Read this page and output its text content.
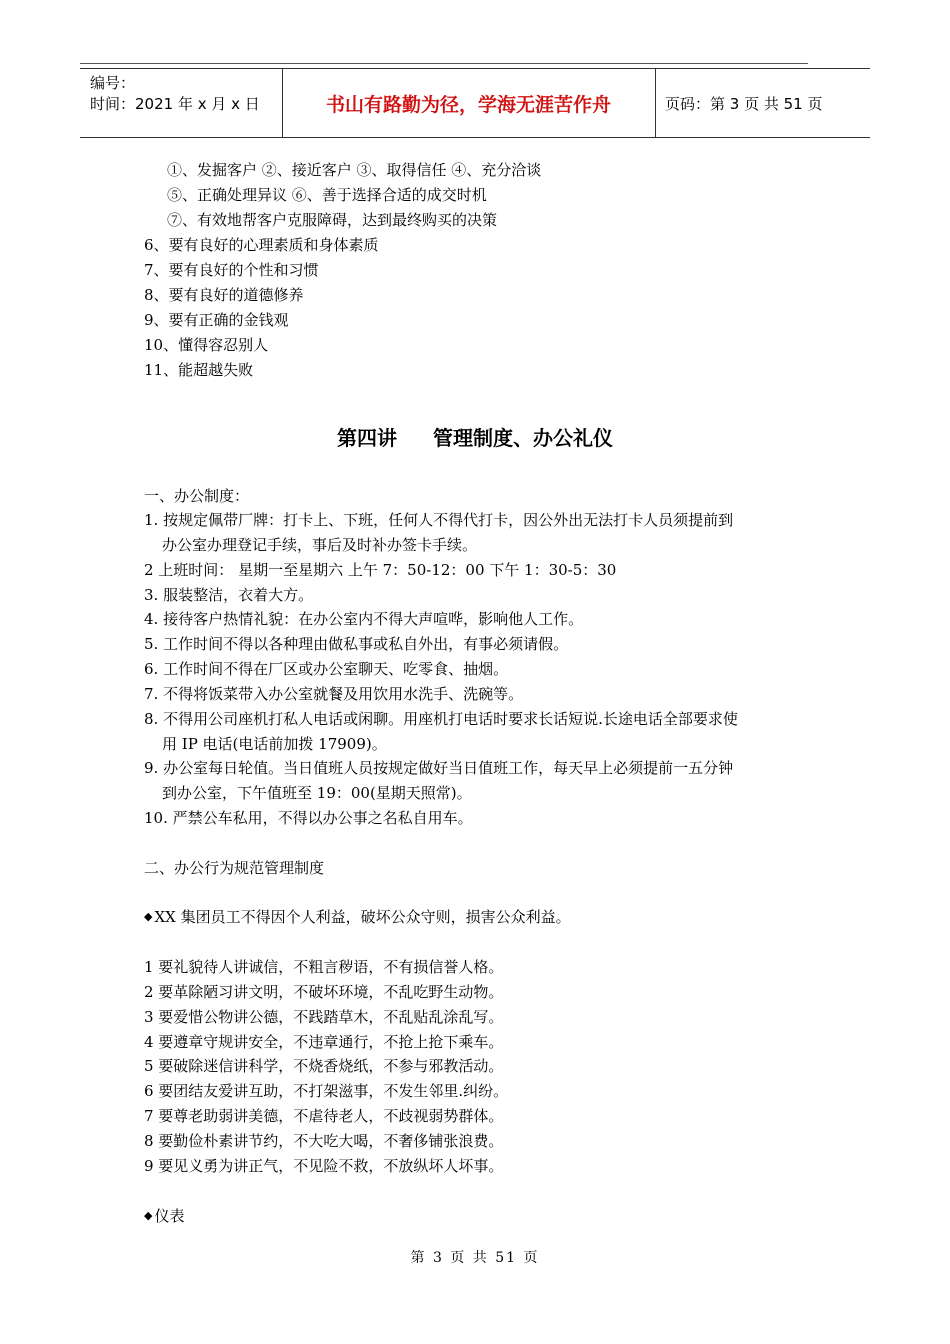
编号：
时间：2021 年 x 月 x 日	书山有路勤为径，学海无涯苦作舟	页码：第 3 页 共 51 页
①、发掘客户 ②、接近客户 ③、取得信任 ④、充分洽谈
⑤、正确处理异议 ⑥、善于选择合适的成交时机
⑦、有效地帮客户克服障碍，达到最终购买的决策
6、要有良好的心理素质和身体素质
7、要有良好的个性和习惯
8、要有良好的道德修养
9、要有正确的金钱观
10、懂得容忍别人
11、能超越失败
第四讲 管理制度、办公礼仪
一、办公制度：
1. 按规定佩带厂牌：打卡上、下班，任何人不得代打卡，因公外出无法打卡人员须提前到
办公室办理登记手续，事后及时补办签卡手续。
2 上班时间： 星期一至星期六 上午 7：50-12：00 下午 1：30-5：30
3. 服装整洁，衣着大方。
4. 接待客户热情礼貌：在办公室内不得大声喧哗，影响他人工作。
5. 工作时间不得以各种理由做私事或私自外出，有事必须请假。
6. 工作时间不得在厂区或办公室聊天、吃零食、抽烟。
7. 不得将饭菜带入办公室就餐及用饮用水洗手、洗碗等。
8. 不得用公司座机打私人电话或闲聊。用座机打电话时要求长话短说.长途电话全部要求使
用 IP 电话(电话前加拨 17909)。
9. 办公室每日轮值。当日值班人员按规定做好当日值班工作，每天早上必须提前一五分钟
到办公室，下午值班至 19：00(星期天照常)。
10. 严禁公车私用，不得以办公事之名私自用车。
二、办公行为规范管理制度
◆ XX 集团员工不得因个人利益，破坏公众守则，损害公众利益。
1 要礼貌待人讲诚信，不粗言秽语，不有损信誉人格。
2 要革除陋习讲文明，不破坏环境，不乱吃野生动物。
3 要爱惜公物讲公德，不践踏草木，不乱贴乱涂乱写。
4 要遵章守规讲安全，不违章通行，不抢上抢下乘车。
5 要破除迷信讲科学，不烧香烧纸，不参与邪教活动。
6 要团结友爱讲互助，不打架滋事，不发生邻里.纠纷。
7 要尊老助弱讲美德，不虐待老人，不歧视弱势群体。
8 要勤俭朴素讲节约，不大吃大喝，不奢侈铺张浪费。
9 要见义勇为讲正气，不见险不救，不放纵坏人坏事。
◆ 仪表
第 3 页 共 51 页
